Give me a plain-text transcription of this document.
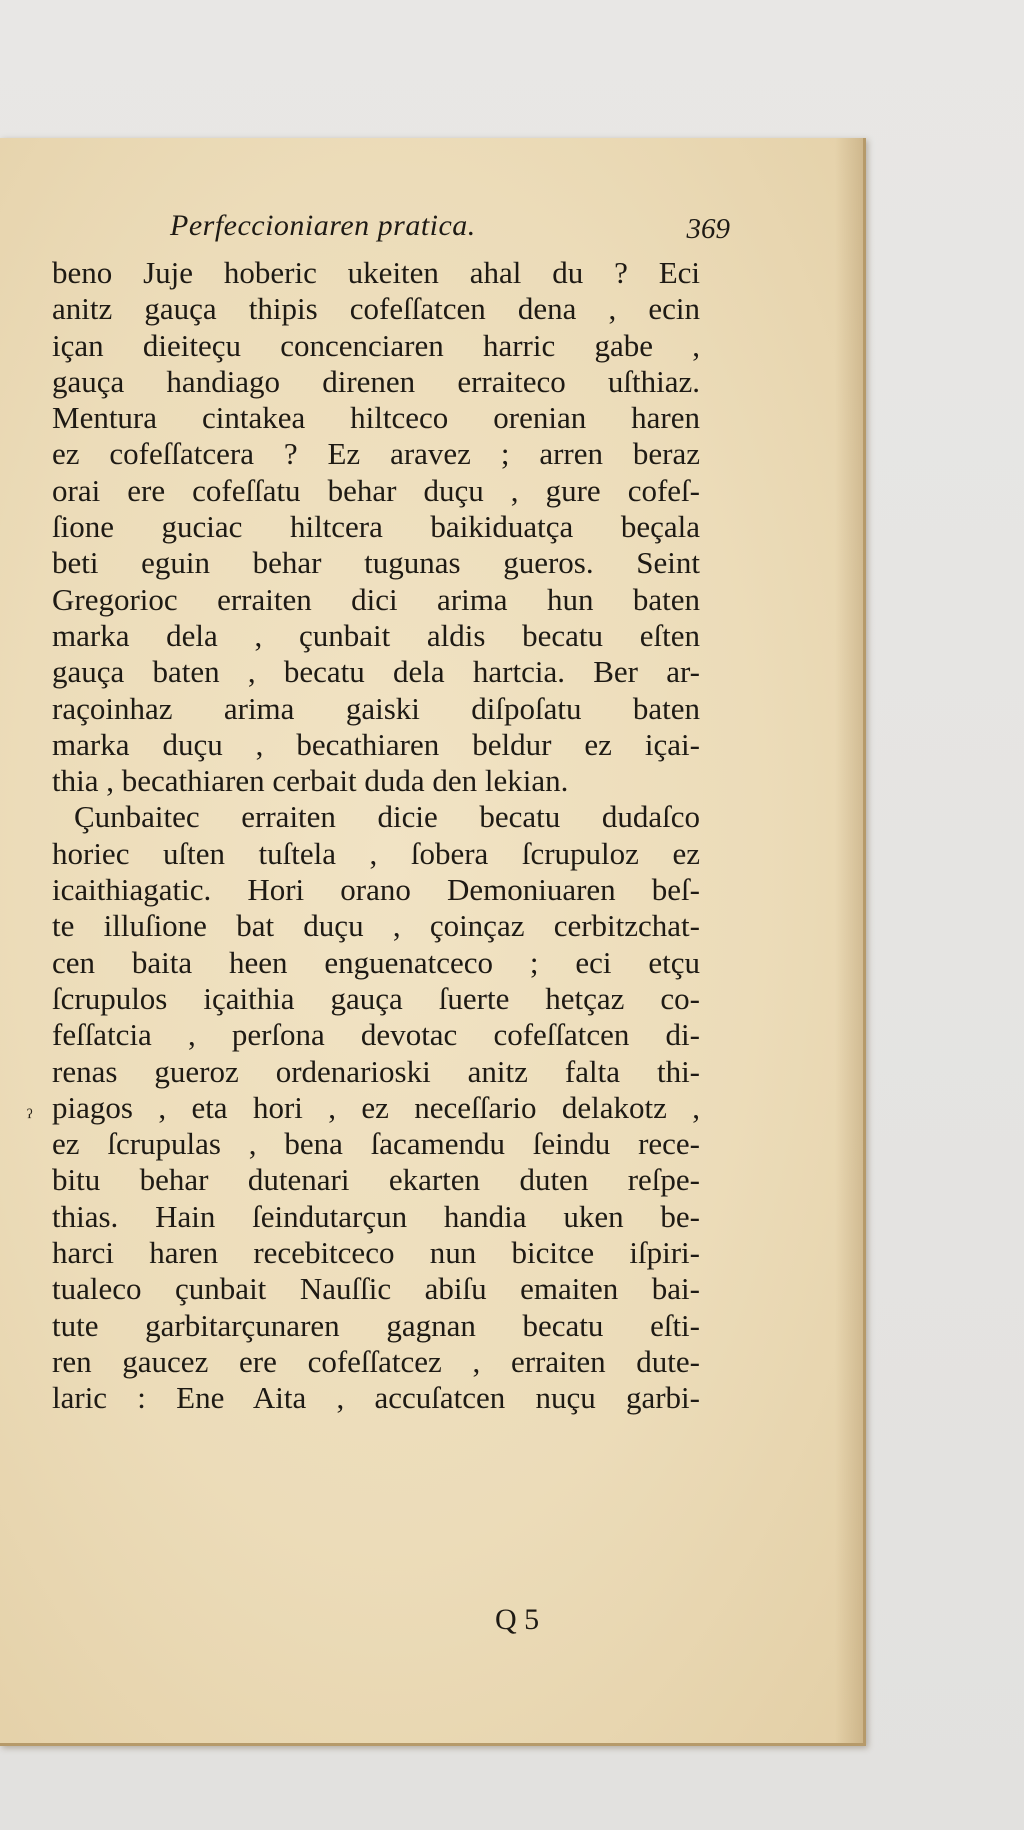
Perfeccioniaren pratica.	369
beno Juje hoberic ukeiten ahal du ? Eci
anitz gauça thipis cofeſſatcen dena , ecin
içan dieiteçu concenciaren harric gabe ,
gauça handiago direnen erraiteco uſthiaz.
Mentura cintakea hiltceco orenian haren
ez cofeſſatcera ? Ez aravez ; arren beraz
orai ere cofeſſatu behar duçu , gure cofeſ-
ſione guciac hiltcera baikiduatça beçala
beti eguin behar tugunas gueros. Seint
Gregorioc erraiten dici arima hun baten
marka dela , çunbait aldis becatu eſten
gauça baten , becatu dela hartcia. Ber ar-
raçoinhaz arima gaiski diſpoſatu baten
marka duçu , becathiaren beldur ez içai-
thia , becathiaren cerbait duda den lekian.
Çunbaitec erraiten dicie becatu dudaſco
horiec uſten tuſtela , ſobera ſcrupuloz ez
icaithiagatic. Hori orano Demoniuaren beſ-
te illuſione bat duçu , çoinçaz cerbitzchat-
cen baita heen enguenatceco ; eci etçu
ſcrupulos içaithia gauça ſuerte hetçaz co-
feſſatcia , perſona devotac cofeſſatcen di-
renas gueroz ordenarioski anitz falta thi-
piagos , eta hori , ez neceſſario delakotz ,
ez ſcrupulas , bena ſacamendu ſeindu rece-
bitu behar dutenari ekarten duten reſpe-
thias. Hain ſeindutarçun handia uken be-
harci haren recebitceco nun bicitce iſpiri-
tualeco çunbait Nauſſic abiſu emaiten bai-
tute garbitarçunaren gagnan becatu eſti-
ren gaucez ere cofeſſatcez , erraiten dute-
laric : Ene Aita , accuſatcen nuçu garbi-
ˀ
Q 5
